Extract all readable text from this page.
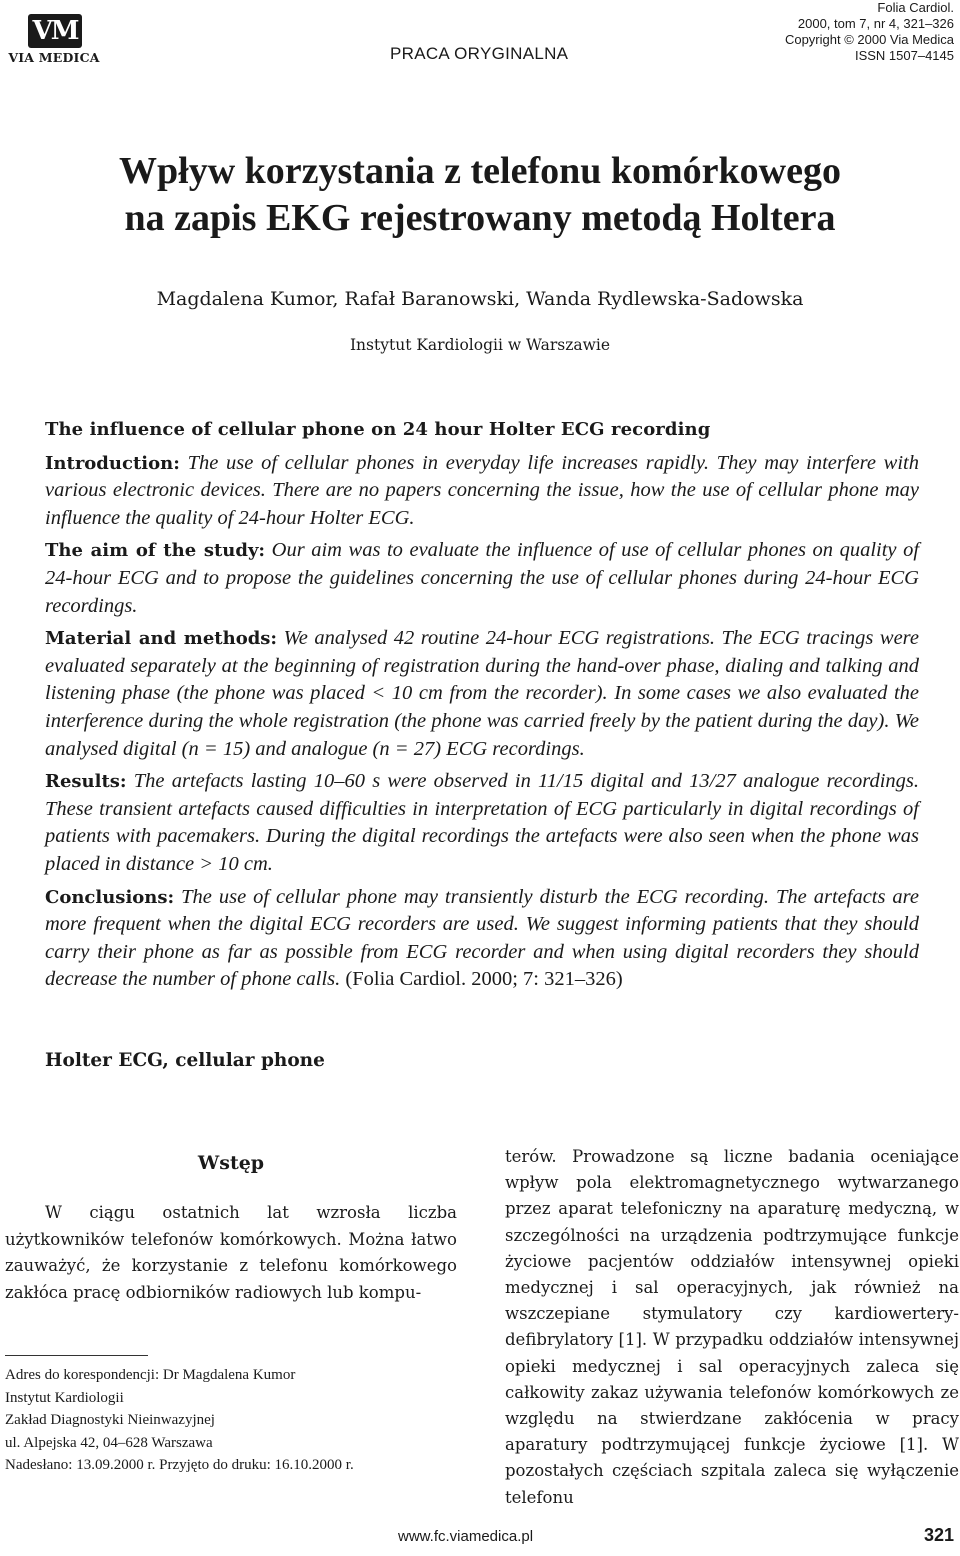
VM
VIA MEDICA	PRACA ORYGINALNA
Folia Cardiol.
2000, tom 7, nr 4, 321–326
Copyright © 2000 Via Medica
ISSN 1507–4145
Wpływ korzystania z telefonu komórkowego
na zapis EKG rejestrowany metodą Holtera
Magdalena Kumor, Rafał Baranowski, Wanda Rydlewska-Sadowska
Instytut Kardiologii w Warszawie
The influence of cellular phone on 24 hour Holter ECG recording

Introduction: The use of cellular phones in everyday life increases rapidly. They may interfere with various electronic devices. There are no papers concerning the issue, how the use of cellular phone may influence the quality of 24-hour Holter ECG.

The aim of the study: Our aim was to evaluate the influence of use of cellular phones on quality of 24-hour ECG and to propose the guidelines concerning the use of cellular phones during 24-hour ECG recordings.

Material and methods: We analysed 42 routine 24-hour ECG registrations. The ECG tracings were evaluated separately at the beginning of registration during the hand-over phase, dialing and talking and listening phase (the phone was placed < 10 cm from the recorder). In some cases we also evaluated the interference during the whole registration (the phone was carried freely by the patient during the day). We analysed digital (n = 15) and analogue (n = 27) ECG recordings.

Results: The artefacts lasting 10–60 s were observed in 11/15 digital and 13/27 analogue recordings. These transient artefacts caused difficulties in interpretation of ECG particularly in digital recordings of patients with pacemakers. During the digital recordings the artefacts were also seen when the phone was placed in distance > 10 cm.

Conclusions: The use of cellular phone may transiently disturb the ECG recording. The artefacts are more frequent when the digital ECG recorders are used. We suggest informing patients that they should carry their phone as far as possible from ECG recorder and when using digital recorders they should decrease the number of phone calls. (Folia Cardiol. 2000; 7: 321–326)

Holter ECG, cellular phone
Wstęp

W ciągu ostatnich lat wzrosła liczba użytkowników telefonów komórkowych. Można łatwo zauważyć, że korzystanie z telefonu komórkowego zakłóca pracę odbiorników radiowych lub kompu-

Adres do korespondencji: Dr Magdalena Kumor
Instytut Kardiologii
Zakład Diagnostyki Nieinwazyjnej
ul. Alpejska 42, 04–628 Warszawa
Nadesłano: 13.09.2000 r. Przyjęto do druku: 16.10.2000 r.

terów. Prowadzone są liczne badania oceniające wpływ pola elektromagnetycznego wytwarzanego przez aparat telefoniczny na aparaturę medyczną, w szczególności na urządzenia podtrzymujące funkcje życiowe pacjentów oddziałów intensywnej opieki medycznej i sal operacyjnych, jak również na wszczepiane stymulatory czy kardiowertery-defibrylatory [1]. W przypadku oddziałów intensywnej opieki medycznej i sal operacyjnych zaleca się całkowity zakaz używania telefonów komórkowych ze względu na stwierdzane zakłócenia w pracy aparatury podtrzymującej funkcje życiowe [1]. W pozostałych częściach szpitala zaleca się wyłączenie telefonu

www.fc.viamedica.pl	321
